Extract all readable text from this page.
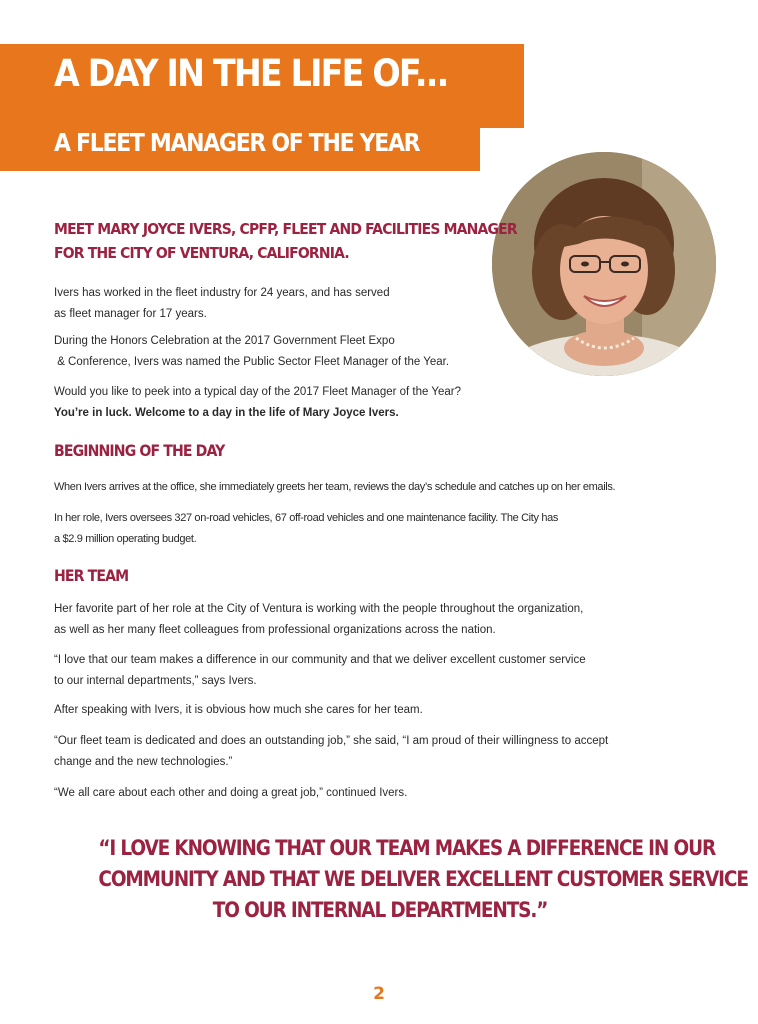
A DAY IN THE LIFE OF...
A FLEET MANAGER OF THE YEAR
MEET MARY JOYCE IVERS, CPFP, FLEET AND FACILITIES MANAGER
FOR THE CITY OF VENTURA, CALIFORNIA.

Ivers has worked in the fleet industry for 24 years, and has served
as fleet manager for 17 years.

During the Honors Celebration at the 2017 Government Fleet Expo
& Conference, Ivers was named the Public Sector Fleet Manager of the Year.

Would you like to peek into a typical day of the 2017 Fleet Manager of the Year?

You’re in luck. Welcome to a day in the life of Mary Joyce Ivers.

BEGINNING OF THE DAY

When Ivers arrives at the office, she immediately greets her team, reviews the day’s schedule and catches up on her emails.

In her role, Ivers oversees 327 on-road vehicles, 67 off-road vehicles and one maintenance facility. The City has
a $2.9 million operating budget.

HER TEAM

Her favorite part of her role at the City of Ventura is working with the people throughout the organization,
as well as her many fleet colleagues from professional organizations across the nation.

“I love that our team makes a difference in our community and that we deliver excellent customer service
to our internal departments,” says Ivers.

After speaking with Ivers, it is obvious how much she cares for her team.

“Our fleet team is dedicated and does an outstanding job,” she said, “I am proud of their willingness to accept
change and the new technologies.”

“We all care about each other and doing a great job,” continued Ivers.

“I LOVE KNOWING THAT OUR TEAM MAKES A DIFFERENCE IN OUR
COMMUNITY AND THAT WE DELIVER EXCELLENT CUSTOMER SERVICE
TO OUR INTERNAL DEPARTMENTS.”

2
